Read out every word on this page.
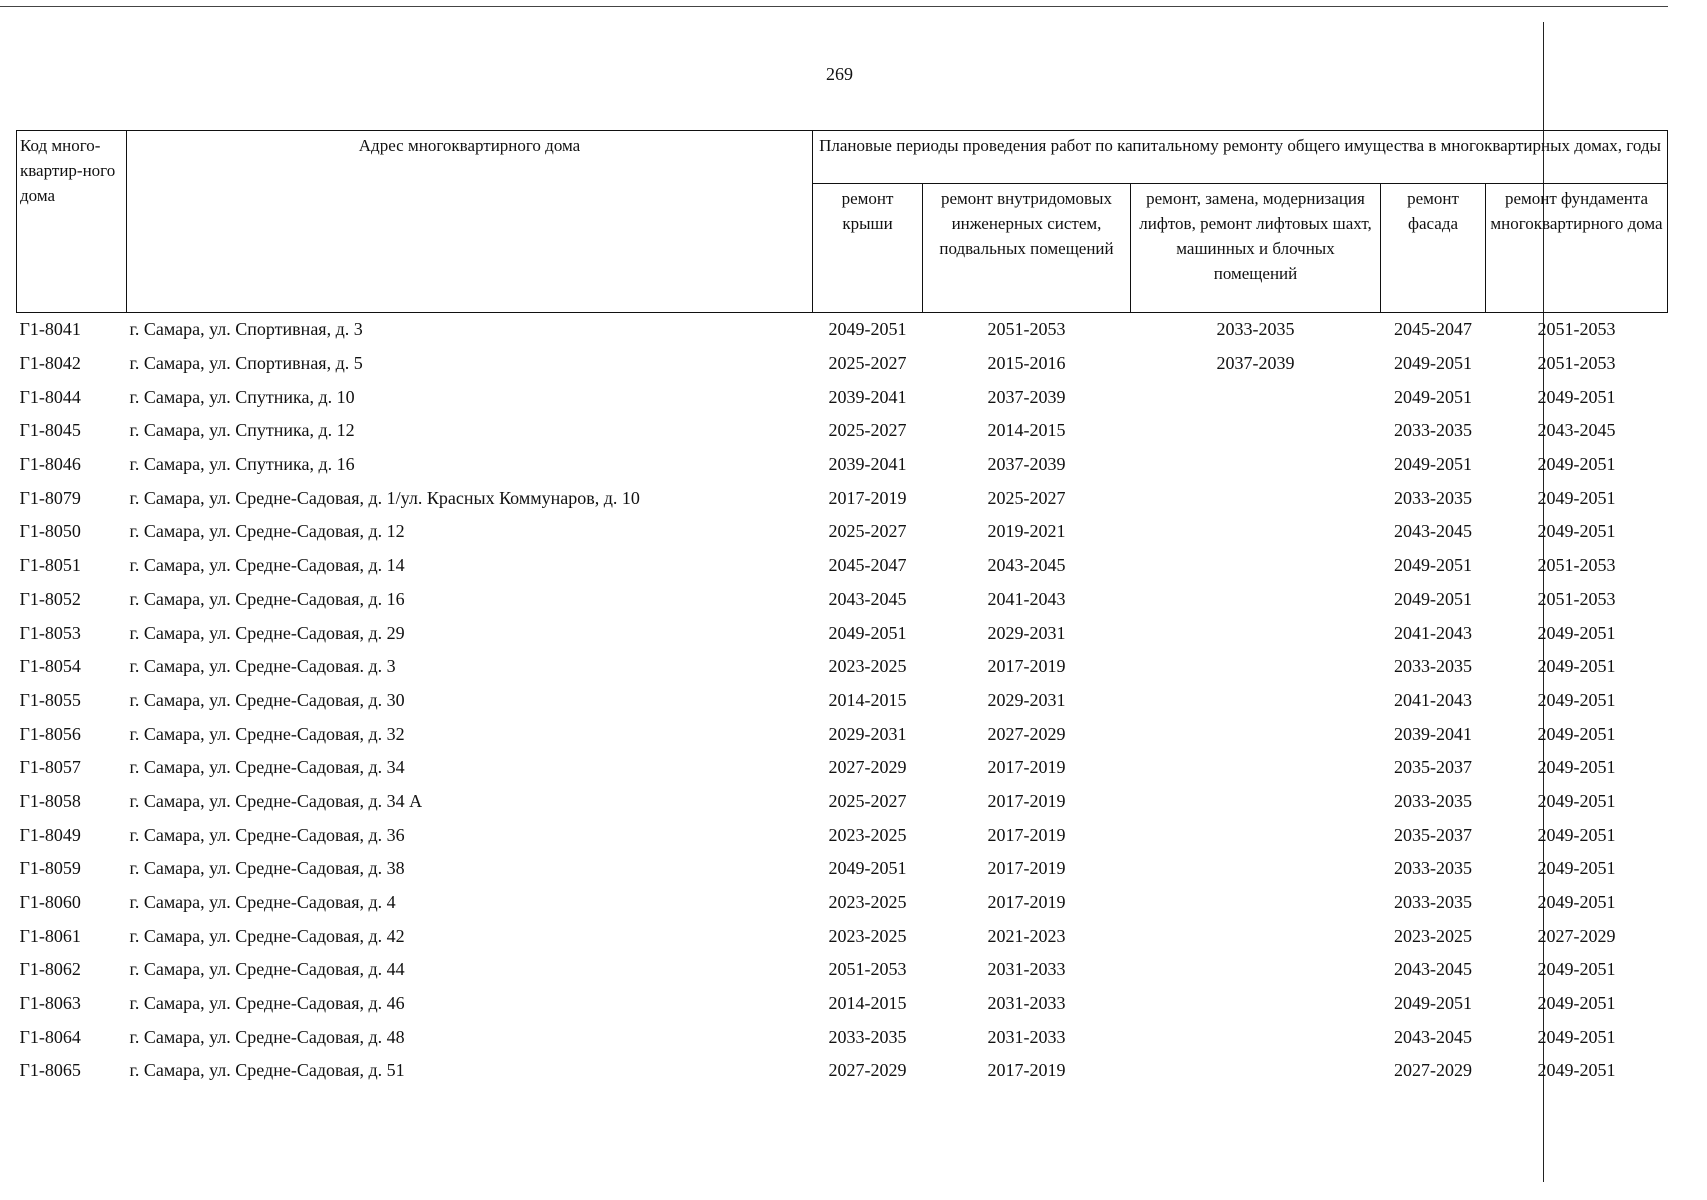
269
Код много-квартир-ного дома	Адрес многоквартирного дома	Плановые периоды проведения работ по капитальному ремонту общего имущества в многоквартирных домах, годы				
		ремонт крыши	ремонт внутридомовых инженерных систем, подвальных помещений	ремонт, замена, модернизация лифтов, ремонт лифтовых шахт, машинных и блочных помещений	ремонт фасада	ремонт фундамента многоквартирного дома
Г1-8041	г. Самара, ул. Спортивная, д. 3	2049-2051	2051-2053	2033-2035	2045-2047	2051-2053
Г1-8042	г. Самара, ул. Спортивная, д. 5	2025-2027	2015-2016	2037-2039	2049-2051	2051-2053
Г1-8044	г. Самара, ул. Спутника, д. 10	2039-2041	2037-2039		2049-2051	2049-2051
Г1-8045	г. Самара, ул. Спутника, д. 12	2025-2027	2014-2015		2033-2035	2043-2045
Г1-8046	г. Самара, ул. Спутника, д. 16	2039-2041	2037-2039		2049-2051	2049-2051
Г1-8079	г. Самара, ул. Средне-Садовая, д. 1/ул. Красных Коммунаров, д. 10	2017-2019	2025-2027		2033-2035	2049-2051
Г1-8050	г. Самара, ул. Средне-Садовая, д. 12	2025-2027	2019-2021		2043-2045	2049-2051
Г1-8051	г. Самара, ул. Средне-Садовая, д. 14	2045-2047	2043-2045		2049-2051	2051-2053
Г1-8052	г. Самара, ул. Средне-Садовая, д. 16	2043-2045	2041-2043		2049-2051	2051-2053
Г1-8053	г. Самара, ул. Средне-Садовая, д. 29	2049-2051	2029-2031		2041-2043	2049-2051
Г1-8054	г. Самара, ул. Средне-Садовая. д. 3	2023-2025	2017-2019		2033-2035	2049-2051
Г1-8055	г. Самара, ул. Средне-Садовая, д. 30	2014-2015	2029-2031		2041-2043	2049-2051
Г1-8056	г. Самара, ул. Средне-Садовая, д. 32	2029-2031	2027-2029		2039-2041	2049-2051
Г1-8057	г. Самара, ул. Средне-Садовая, д. 34	2027-2029	2017-2019		2035-2037	2049-2051
Г1-8058	г. Самара, ул. Средне-Садовая, д. 34 А	2025-2027	2017-2019		2033-2035	2049-2051
Г1-8049	г. Самара, ул. Средне-Садовая, д. 36	2023-2025	2017-2019		2035-2037	2049-2051
Г1-8059	г. Самара, ул. Средне-Садовая, д. 38	2049-2051	2017-2019		2033-2035	2049-2051
Г1-8060	г. Самара, ул. Средне-Садовая, д. 4	2023-2025	2017-2019		2033-2035	2049-2051
Г1-8061	г. Самара, ул. Средне-Садовая, д. 42	2023-2025	2021-2023		2023-2025	2027-2029
Г1-8062	г. Самара, ул. Средне-Садовая, д. 44	2051-2053	2031-2033		2043-2045	2049-2051
Г1-8063	г. Самара, ул. Средне-Садовая, д. 46	2014-2015	2031-2033		2049-2051	2049-2051
Г1-8064	г. Самара, ул. Средне-Садовая, д. 48	2033-2035	2031-2033		2043-2045	2049-2051
Г1-8065	г. Самара, ул. Средне-Садовая, д. 51	2027-2029	2017-2019		2027-2029	2049-2051
